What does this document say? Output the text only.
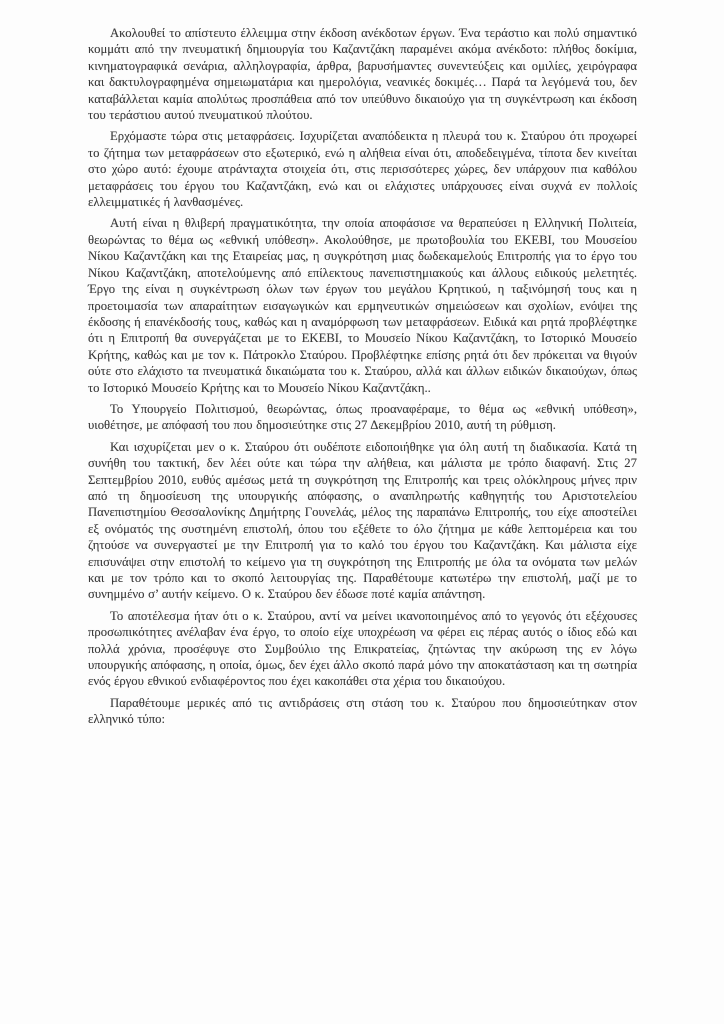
Ακολουθεί το απίστευτο έλλειμμα στην έκδοση ανέκδοτων έργων. Ένα τεράστιο και πολύ σημαντικό κομμάτι από την πνευματική δημιουργία του Καζαντζάκη παραμένει ακόμα ανέκδοτο: πλήθος δοκίμια, κινηματογραφικά σενάρια, αλληλογραφία, άρθρα, βαρυσήμαντες συνεντεύξεις και ομιλίες, χειρόγραφα και δακτυλογραφημένα σημειωματάρια και ημερολόγια, νεανικές δοκιμές… Παρά τα λεγόμενά του, δεν καταβάλλεται καμία απολύτως προσπάθεια από τον υπεύθυνο δικαιούχο για τη συγκέντρωση και έκδοση του τεράστιου αυτού πνευματικού πλούτου.

Ερχόμαστε τώρα στις μεταφράσεις. Ισχυρίζεται αναπόδεικτα η πλευρά του κ. Σταύρου ότι προχωρεί το ζήτημα των μεταφράσεων στο εξωτερικό, ενώ η αλήθεια είναι ότι, αποδεδειγμένα, τίποτα δεν κινείται στο χώρο αυτό: έχουμε ατράνταχτα στοιχεία ότι, στις περισσότερες χώρες, δεν υπάρχουν πια καθόλου μεταφράσεις του έργου του Καζαντζάκη, ενώ και οι ελάχιστες υπάρχουσες είναι συχνά εν πολλοίς ελλειμματικές ή λανθασμένες.

Αυτή είναι η θλιβερή πραγματικότητα, την οποία αποφάσισε να θεραπεύσει η Ελληνική Πολιτεία, θεωρώντας το θέμα ως «εθνική υπόθεση». Ακολούθησε, με πρωτοβουλία του ΕΚΕΒΙ, του Μουσείου Νίκου Καζαντζάκη και της Εταιρείας μας, η συγκρότηση μιας δωδεκαμελούς Επιτροπής για το έργο του Νίκου Καζαντζάκη, αποτελούμενης από επίλεκτους πανεπιστημιακούς και άλλους ειδικούς μελετητές. Έργο της είναι η συγκέντρωση όλων των έργων του μεγάλου Κρητικού, η ταξινόμησή τους και η προετοιμασία των απαραίτητων εισαγωγικών και ερμηνευτικών σημειώσεων και σχολίων, ενόψει της έκδοσης ή επανέκδοσής τους, καθώς και η αναμόρφωση των μεταφράσεων. Ειδικά και ρητά προβλέφτηκε ότι η Επιτροπή θα συνεργάζεται με το ΕΚΕΒΙ, το Μουσείο Νίκου Καζαντζάκη, το Ιστορικό Μουσείο Κρήτης, καθώς και με τον κ. Πάτροκλο Σταύρου. Προβλέφτηκε επίσης ρητά ότι δεν πρόκειται να θιγούν ούτε στο ελάχιστο τα πνευματικά δικαιώματα του κ. Σταύρου, αλλά και άλλων ειδικών δικαιούχων, όπως το Ιστορικό Μουσείο Κρήτης και το Μουσείο Νίκου Καζαντζάκη..

Το Υπουργείο Πολιτισμού, θεωρώντας, όπως προαναφέραμε, το θέμα ως «εθνική υπόθεση», υιοθέτησε, με απόφασή του που δημοσιεύτηκε στις 27 Δεκεμβρίου 2010, αυτή τη ρύθμιση.

Και ισχυρίζεται μεν ο κ. Σταύρου ότι ουδέποτε ειδοποιήθηκε για όλη αυτή τη διαδικασία. Κατά τη συνήθη του τακτική, δεν λέει ούτε και τώρα την αλήθεια, και μάλιστα με τρόπο διαφανή. Στις 27 Σεπτεμβρίου 2010, ευθύς αμέσως μετά τη συγκρότηση της Επιτροπής και τρεις ολόκληρους μήνες πριν από τη δημοσίευση της υπουργικής απόφασης, ο αναπληρωτής καθηγητής του Αριστοτελείου Πανεπιστημίου Θεσσαλονίκης Δημήτρης Γουνελάς, μέλος της παραπάνω Επιτροπής, του είχε αποστείλει εξ ονόματός της συστημένη επιστολή, όπου του εξέθετε το όλο ζήτημα με κάθε λεπτομέρεια και του ζητούσε να συνεργαστεί με την Επιτροπή για το καλό του έργου του Καζαντζάκη. Και μάλιστα είχε επισυνάψει στην επιστολή το κείμενο για τη συγκρότηση της Επιτροπής με όλα τα ονόματα των μελών και με τον τρόπο και το σκοπό λειτουργίας της. Παραθέτουμε κατωτέρω την επιστολή, μαζί με το συνημμένο σ’ αυτήν κείμενο. Ο κ. Σταύρου δεν έδωσε ποτέ καμία απάντηση.

Το αποτέλεσμα ήταν ότι ο κ. Σταύρου, αντί να μείνει ικανοποιημένος από το γεγονός ότι εξέχουσες προσωπικότητες ανέλαβαν ένα έργο, το οποίο είχε υποχρέωση να φέρει εις πέρας αυτός ο ίδιος εδώ και πολλά χρόνια, προσέφυγε στο Συμβούλιο της Επικρατείας, ζητώντας την ακύρωση της εν λόγω υπουργικής απόφασης, η οποία, όμως, δεν έχει άλλο σκοπό παρά μόνο την αποκατάσταση και τη σωτηρία ενός έργου εθνικού ενδιαφέροντος που έχει κακοπάθει στα χέρια του δικαιούχου.

Παραθέτουμε μερικές από τις αντιδράσεις στη στάση του κ. Σταύρου που δημοσιεύτηκαν στον ελληνικό τύπο:
